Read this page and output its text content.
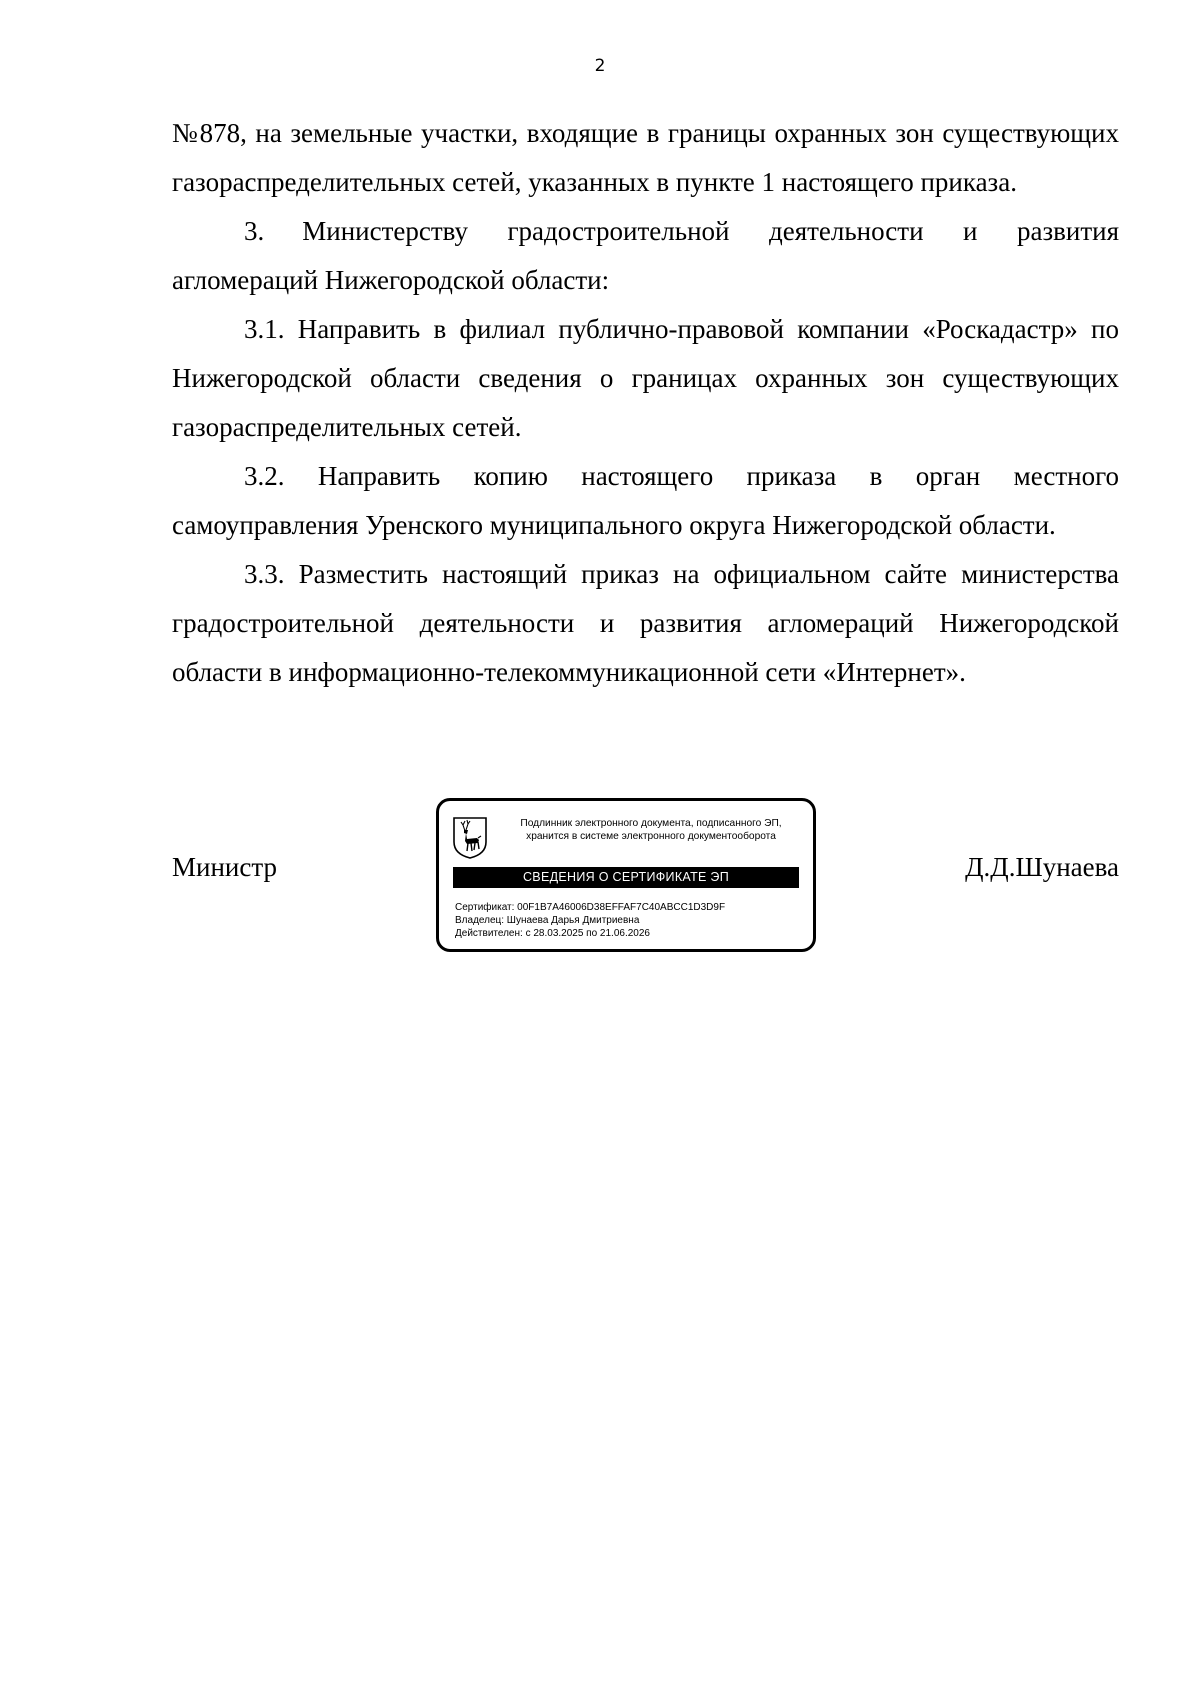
2

№878, на земельные участки, входящие в границы охранных зон существующих газораспределительных сетей, указанных в пункте 1 настоящего приказа.

3. Министерству градостроительной деятельности и развития агломераций Нижегородской области:

3.1. Направить в филиал публично-правовой компании «Роскадастр» по Нижегородской области сведения о границах охранных зон существующих газораспределительных сетей.

3.2. Направить копию настоящего приказа в орган местного самоуправления Уренского муниципального округа Нижегородской области.

3.3. Разместить настоящий приказ на официальном сайте министерства градостроительной деятельности и развития агломераций Нижегородской области в информационно-телекоммуникационной сети «Интернет».

Министр	Д.Д.Шунаева
Подлинник электронного документа, подписанного ЭП,
хранится в системе электронного документооборота
СВЕДЕНИЯ О СЕРТИФИКАТЕ ЭП
Сертификат: 00F1B7A46006D38EFFAF7C40ABCC1D3D9F
Владелец: Шунаева Дарья Дмитриевна
Действителен: с 28.03.2025 по 21.06.2026
